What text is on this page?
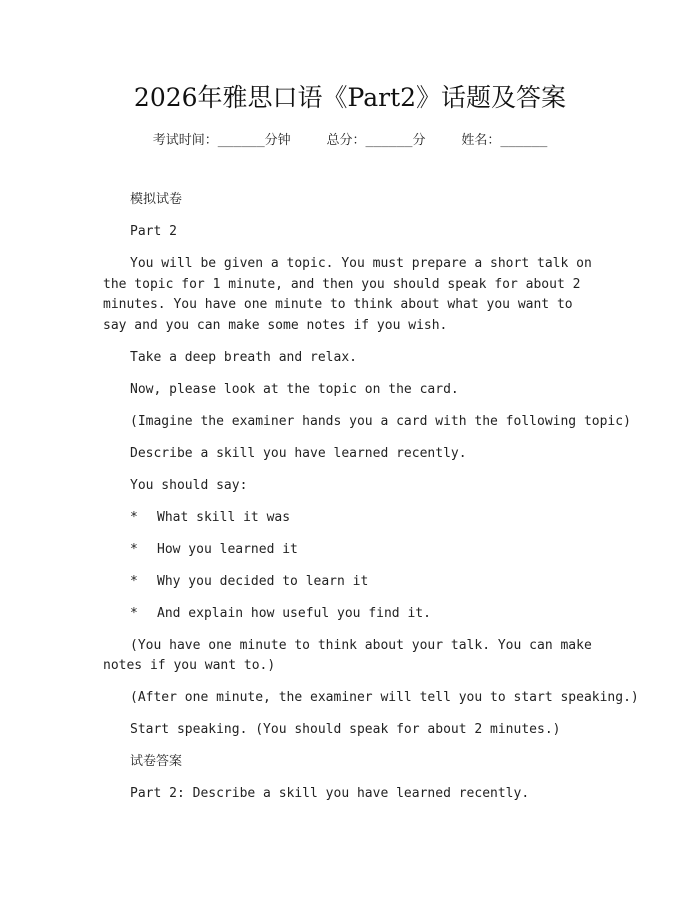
2026年雅思口语《Part2》话题及答案
考试时间：______分钟	总分：______分	姓名：______

模拟试卷

Part 2

You will be given a topic. You must prepare a short talk on the topic for 1 minute, and then you should speak for about 2 minutes. You have one minute to think about what you want to say and you can make some notes if you wish.

Take a deep breath and relax.

Now, please look at the topic on the card.

(Imagine the examiner hands you a card with the following topic)

Describe a skill you have learned recently.

You should say:

* What skill it was
* How you learned it
* Why you decided to learn it
* And explain how useful you find it.

(You have one minute to think about your talk. You can make notes if you want to.)

(After one minute, the examiner will tell you to start speaking.)

Start speaking. (You should speak for about 2 minutes.)

试卷答案

Part 2: Describe a skill you have learned recently.
